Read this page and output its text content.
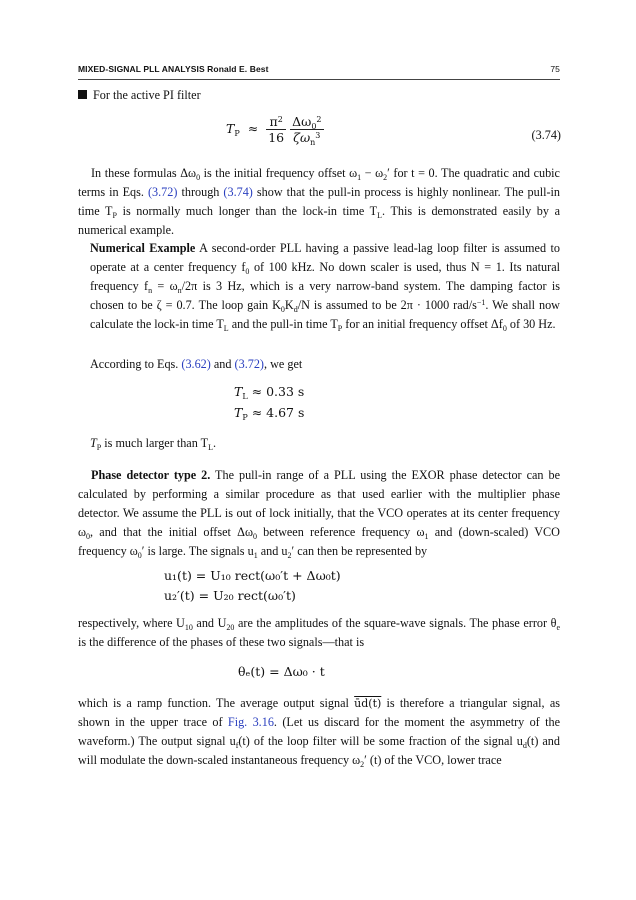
MIXED-SIGNAL PLL ANALYSIS Ronald E. Best	75
For the active PI filter
$T_P \approx \frac{\pi^2}{16}$
$\frac{\Delta\omega_0^2}{\zeta\omega_n^3}$	(3.74)
In these formulas $\Delta\omega_0$ is the initial frequency offset $\omega_1 - \omega_2'$ for t = 0. The quadratic and cubic terms in Eqs. (3.72) through (3.74) show that the pull-in process is highly nonlinear. The pull-in time $T_P$ is normally much longer than the lock-in time $T_L$. This is demonstrated easily by a numerical example.
Numerical Example A second-order PLL having a passive lead-lag loop filter is assumed to operate at a center frequency $f_0$ of 100 kHz. No down scaler is used, thus N = 1. Its natural frequency $f_n = \omega_n/2\pi$ is 3 Hz, which is a very narrow-band system. The damping factor is chosen to be ζ = 0.7. The loop gain $K_0K_d/N$ is assumed to be 2π · 1000 rad/$s^{-1}$. We shall now calculate the lock-in time $T_L$ and the pull-in time $T_P$ for an initial frequency offset $\Delta f_0$ of 30 Hz.
According to Eqs. (3.62) and (3.72), we get
$T_L \approx 0.33$ s
$T_P \approx 4.67$ s
$T_P$ is much larger than $T_L$.
Phase detector type 2. The pull-in range of a PLL using the EXOR phase detector can be calculated by performing a similar procedure as that used earlier with the multiplier phase detector. We assume the PLL is out of lock initially, that the VCO operates at its center frequency $\omega_0$, and that the initial offset $\Delta\omega_0$ between reference frequency $\omega_1$ and (down-scaled) VCO frequency $\omega_0'$ is large. The signals $u_1$ and $u_2'$ can then be represented by
u₁(t) = U₁₀ rect(ω₀′t + Δω₀t)
u₂′(t) = U₂₀ rect(ω₀′t)
respectively, where $U_{10}$ and $U_{20}$ are the amplitudes of the square-wave signals. The phase error $\theta_e$ is the difference of the phases of these two signals—that is
θₑ(t) = Δω₀ · t
which is a ramp function. The average output signal ūd(t) is therefore a triangular signal, as shown in the upper trace of Fig. 3.16. (Let us discard for the moment the asymmetry of the waveform.) The output signal $u_f(t)$ of the loop filter will be some fraction of the signal $u_d(t)$ and will modulate the down-scaled instantaneous frequency $\omega_2'$ (t) of the VCO, lower trace
